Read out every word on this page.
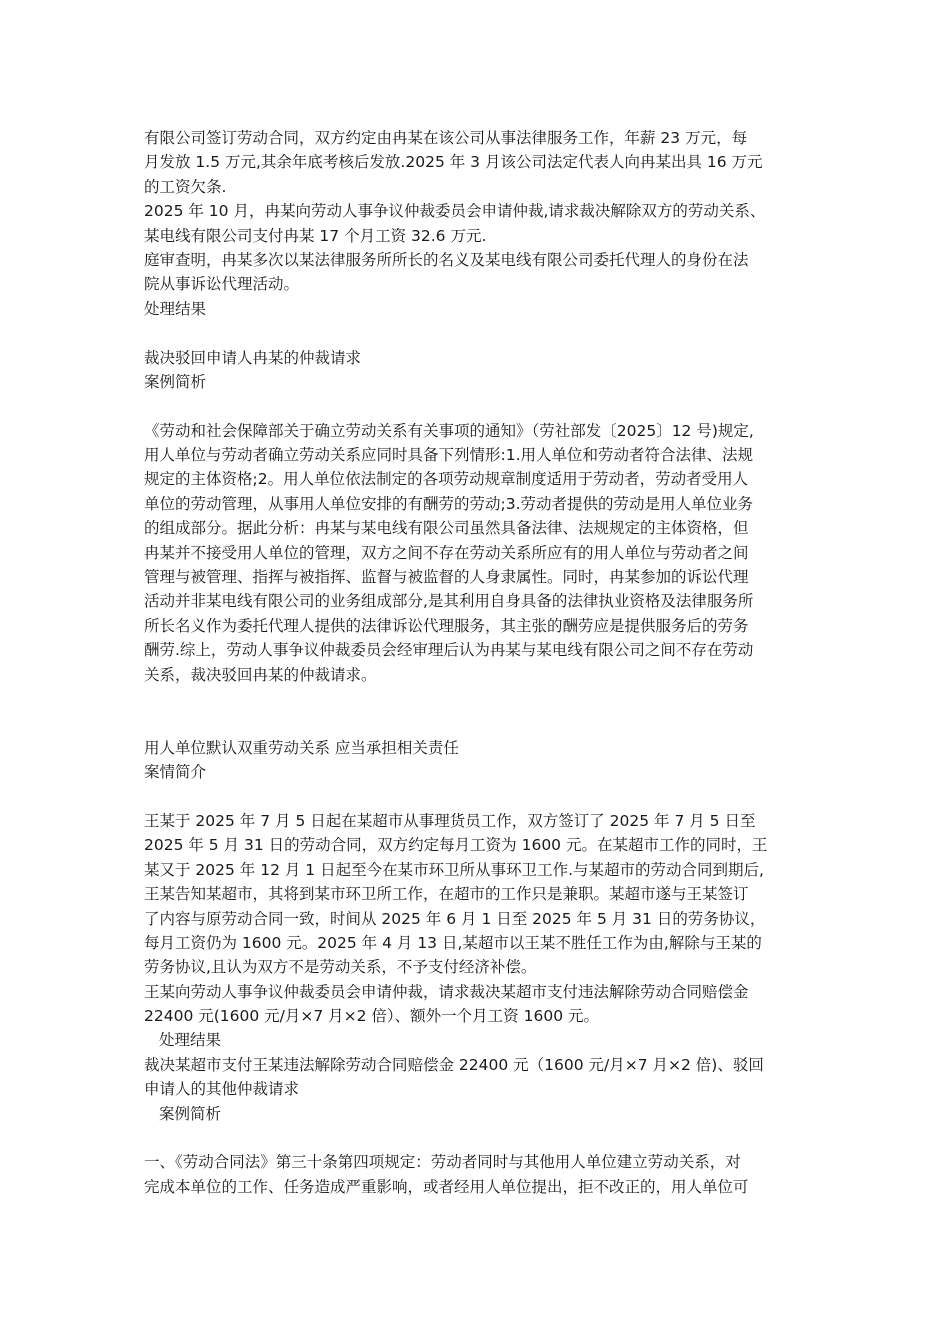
有限公司签订劳动合同，双方约定由冉某在该公司从事法律服务工作，年薪 23 万元，每
月发放 1.5 万元,其余年底考核后发放.2025 年 3 月该公司法定代表人向冉某出具 16 万元
的工资欠条.
2025 年 10 月，冉某向劳动人事争议仲裁委员会申请仲裁,请求裁决解除双方的劳动关系、
某电线有限公司支付冉某 17 个月工资 32.6 万元.
庭审查明，冉某多次以某法律服务所所长的名义及某电线有限公司委托代理人的身份在法
院从事诉讼代理活动。
处理结果
裁决驳回申请人冉某的仲裁请求
案例简析
《劳动和社会保障部关于确立劳动关系有关事项的通知》（劳社部发〔2025〕12 号)规定,
用人单位与劳动者确立劳动关系应同时具备下列情形:1.用人单位和劳动者符合法律、法规
规定的主体资格;2。用人单位依法制定的各项劳动规章制度适用于劳动者，劳动者受用人
单位的劳动管理，从事用人单位安排的有酬劳的劳动;3.劳动者提供的劳动是用人单位业务
的组成部分。据此分析：冉某与某电线有限公司虽然具备法律、法规规定的主体资格，但
冉某并不接受用人单位的管理，双方之间不存在劳动关系所应有的用人单位与劳动者之间
管理与被管理、指挥与被指挥、监督与被监督的人身隶属性。同时，冉某参加的诉讼代理
活动并非某电线有限公司的业务组成部分,是其利用自身具备的法律执业资格及法律服务所
所长名义作为委托代理人提供的法律诉讼代理服务，其主张的酬劳应是提供服务后的劳务
酬劳.综上，劳动人事争议仲裁委员会经审理后认为冉某与某电线有限公司之间不存在劳动
关系，裁决驳回冉某的仲裁请求。
用人单位默认双重劳动关系 应当承担相关责任
案情简介
王某于 2025 年 7 月 5 日起在某超市从事理货员工作，双方签订了 2025 年 7 月 5 日至
2025 年 5 月 31 日的劳动合同，双方约定每月工资为 1600 元。在某超市工作的同时，王
某又于 2025 年 12 月 1 日起至今在某市环卫所从事环卫工作.与某超市的劳动合同到期后,
王某告知某超市，其将到某市环卫所工作，在超市的工作只是兼职。某超市遂与王某签订
了内容与原劳动合同一致，时间从 2025 年 6 月 1 日至 2025 年 5 月 31 日的劳务协议，
每月工资仍为 1600 元。2025 年 4 月 13 日,某超市以王某不胜任工作为由,解除与王某的
劳务协议,且认为双方不是劳动关系，不予支付经济补偿。
王某向劳动人事争议仲裁委员会申请仲裁，请求裁决某超市支付违法解除劳动合同赔偿金
22400 元(1600 元/月×7 月×2 倍）、额外一个月工资 1600 元。
处理结果
裁决某超市支付王某违法解除劳动合同赔偿金 22400 元（1600 元/月×7 月×2 倍)、驳回
申请人的其他仲裁请求
案例简析
一、《劳动合同法》第三十条第四项规定：劳动者同时与其他用人单位建立劳动关系，对
完成本单位的工作、任务造成严重影响，或者经用人单位提出，拒不改正的，用人单位可
